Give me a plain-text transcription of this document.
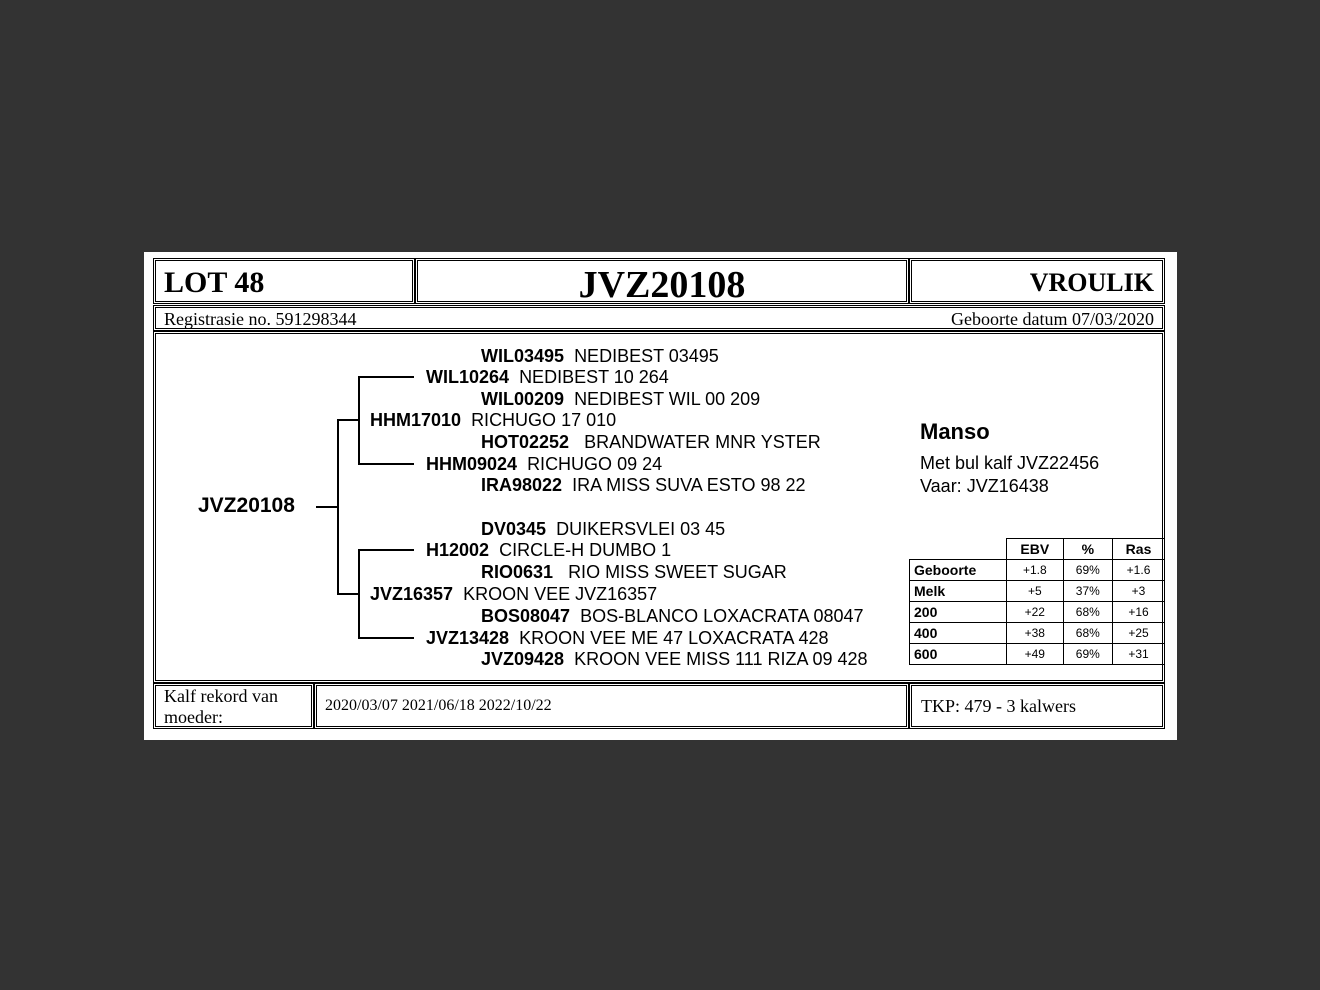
LOT 48	JVZ20108	VROULIK
Registrasie no. 591298344	Geboorte datum 07/03/2020
JVZ20108
WIL03495 NEDIBEST 03495
WIL10264 NEDIBEST 10 264
WIL00209 NEDIBEST WIL 00 209
HHM17010 RICHUGO 17 010
HOT02252 BRANDWATER MNR YSTER
HHM09024 RICHUGO 09 24
IRA98022 IRA MISS SUVA ESTO 98 22
DV0345 DUIKERSVLEI 03 45
H12002 CIRCLE-H DUMBO 1
RIO0631 RIO MISS SWEET SUGAR
JVZ16357 KROON VEE JVZ16357
BOS08047 BOS-BLANCO LOXACRATA 08047
JVZ13428 KROON VEE ME 47 LOXACRATA 428
JVZ09428 KROON VEE MISS 111 RIZA 09 428
Manso
Met bul kalf JVZ22456
Vaar: JVZ16438
	EBV	%	Ras
Geboorte	+1.8	69%	+1.6
Melk	+5	37%	+3
200	+22	68%	+16
400	+38	68%	+25
600	+49	69%	+31
Kalf rekord van moeder:
2020/03/07 2021/06/18 2022/10/22	TKP: 479 - 3 kalwers
